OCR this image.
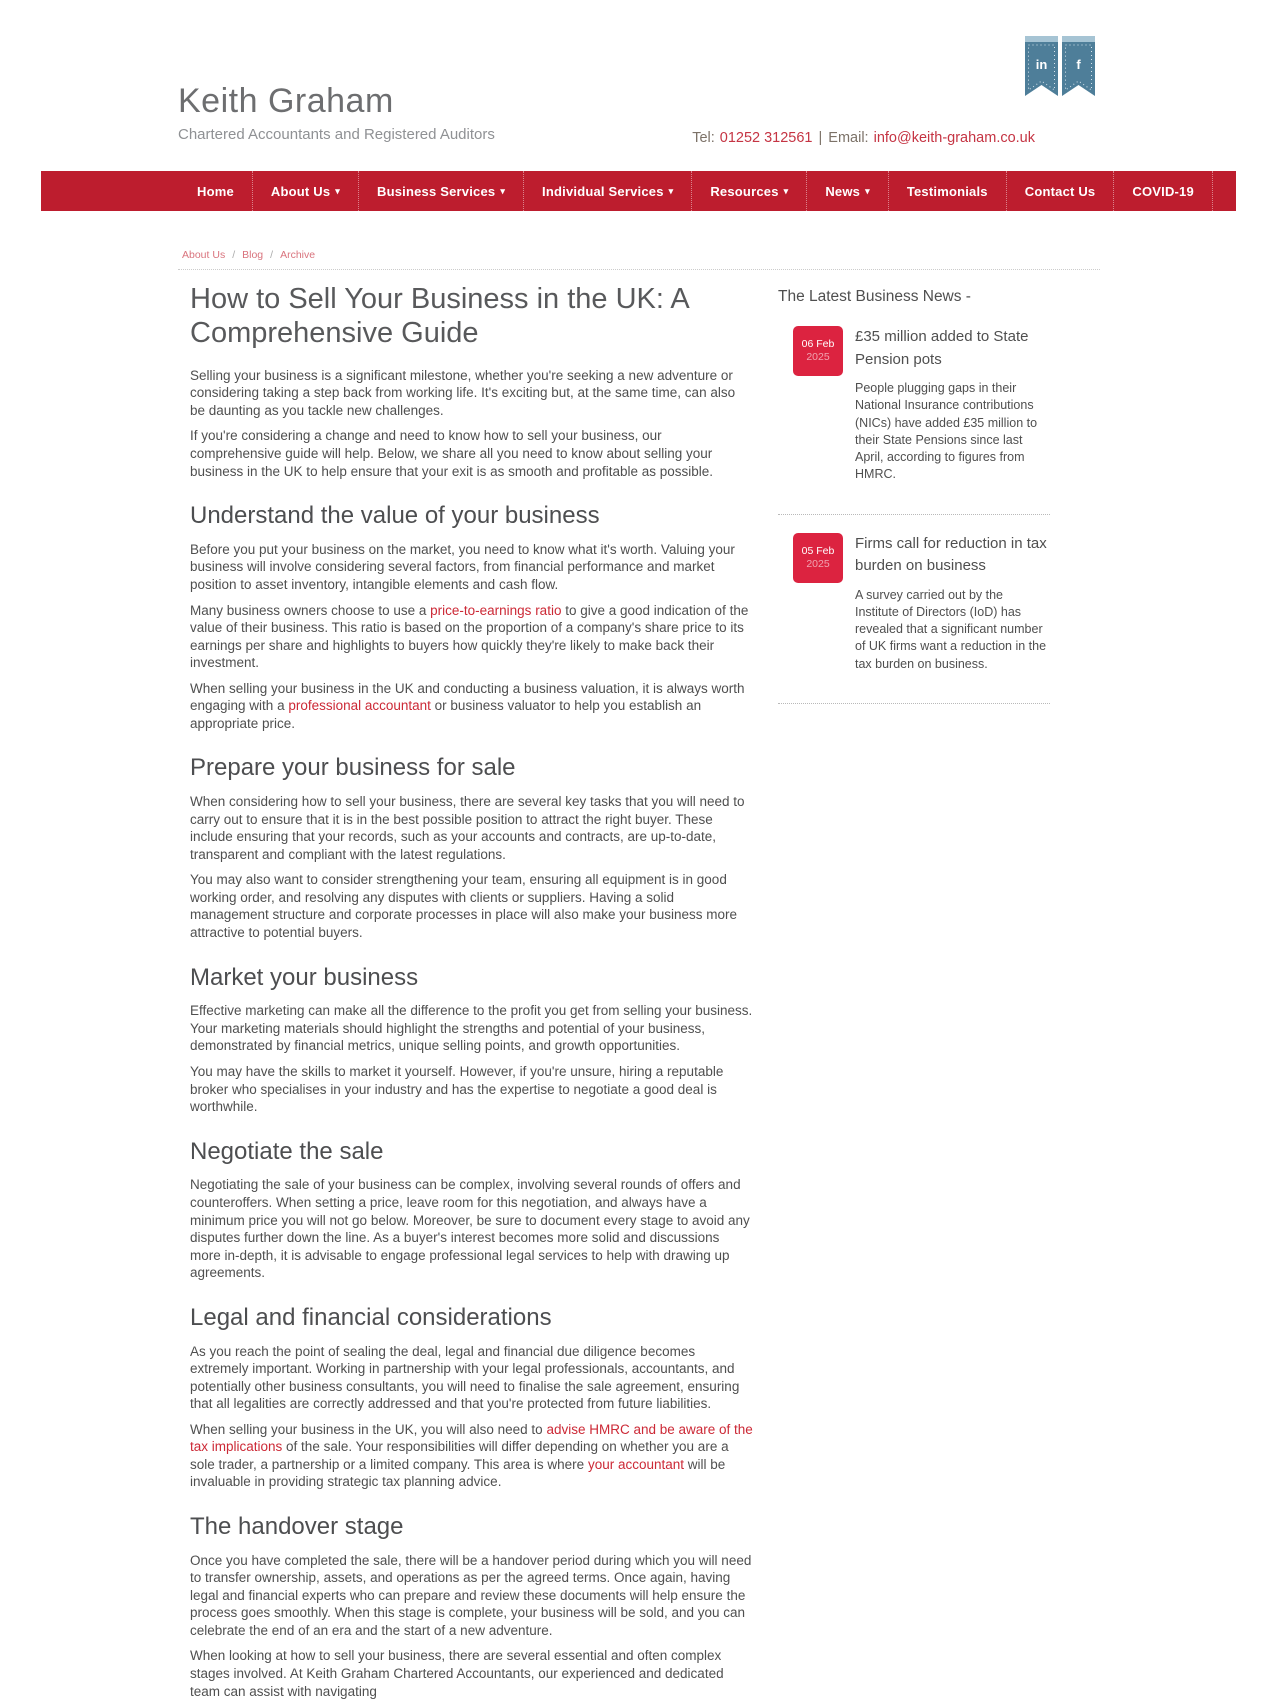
Keith Graham

Chartered Accountants and Registered Auditors

in f
Tel: 01252 312561 | Email: info@keith-graham.co.uk
Home	About Us ▾	Business Services ▾	Individual Services ▾	Resources ▾	News ▾	Testimonials	Contact Us	COVID-19
About Us / Blog / Archive
How to Sell Your Business in the UK: A Comprehensive Guide

Selling your business is a significant milestone, whether you're seeking a new adventure or considering taking a step back from working life. It's exciting but, at the same time, can also be daunting as you tackle new challenges.

If you're considering a change and need to know how to sell your business, our comprehensive guide will help. Below, we share all you need to know about selling your business in the UK to help ensure that your exit is as smooth and profitable as possible.

Understand the value of your business

Before you put your business on the market, you need to know what it's worth. Valuing your business will involve considering several factors, from financial performance and market position to asset inventory, intangible elements and cash flow.

Many business owners choose to use a price-to-earnings ratio to give a good indication of the value of their business. This ratio is based on the proportion of a company's share price to its earnings per share and highlights to buyers how quickly they're likely to make back their investment.

When selling your business in the UK and conducting a business valuation, it is always worth engaging with a professional accountant or business valuator to help you establish an appropriate price.

Prepare your business for sale

When considering how to sell your business, there are several key tasks that you will need to carry out to ensure that it is in the best possible position to attract the right buyer. These include ensuring that your records, such as your accounts and contracts, are up-to-date, transparent and compliant with the latest regulations.

You may also want to consider strengthening your team, ensuring all equipment is in good working order, and resolving any disputes with clients or suppliers. Having a solid management structure and corporate processes in place will also make your business more attractive to potential buyers.

Market your business

Effective marketing can make all the difference to the profit you get from selling your business. Your marketing materials should highlight the strengths and potential of your business, demonstrated by financial metrics, unique selling points, and growth opportunities.

You may have the skills to market it yourself. However, if you're unsure, hiring a reputable broker who specialises in your industry and has the expertise to negotiate a good deal is worthwhile.

Negotiate the sale

Negotiating the sale of your business can be complex, involving several rounds of offers and counteroffers. When setting a price, leave room for this negotiation, and always have a minimum price you will not go below. Moreover, be sure to document every stage to avoid any disputes further down the line. As a buyer's interest becomes more solid and discussions more in-depth, it is advisable to engage professional legal services to help with drawing up agreements.

Legal and financial considerations

As you reach the point of sealing the deal, legal and financial due diligence becomes extremely important. Working in partnership with your legal professionals, accountants, and potentially other business consultants, you will need to finalise the sale agreement, ensuring that all legalities are correctly addressed and that you're protected from future liabilities.

When selling your business in the UK, you will also need to advise HMRC and be aware of the tax implications of the sale. Your responsibilities will differ depending on whether you are a sole trader, a partnership or a limited company. This area is where your accountant will be invaluable in providing strategic tax planning advice.

The handover stage

Once you have completed the sale, there will be a handover period during which you will need to transfer ownership, assets, and operations as per the agreed terms. Once again, having legal and financial experts who can prepare and review these documents will help ensure the process goes smoothly. When this stage is complete, your business will be sold, and you can celebrate the end of an era and the start of a new adventure.

When looking at how to sell your business, there are several essential and often complex stages involved. At Keith Graham Chartered Accountants, our experienced and dedicated team can assist with navigating

The Latest Business News -
06 Feb
2025
£35 million added to State Pension pots

People plugging gaps in their National Insurance contributions (NICs) have added £35 million to their State Pensions since last April, according to figures from HMRC.

05 Feb
2025
Firms call for reduction in tax burden on business

A survey carried out by the Institute of Directors (IoD) has revealed that a significant number of UK firms want a reduction in the tax burden on business.
